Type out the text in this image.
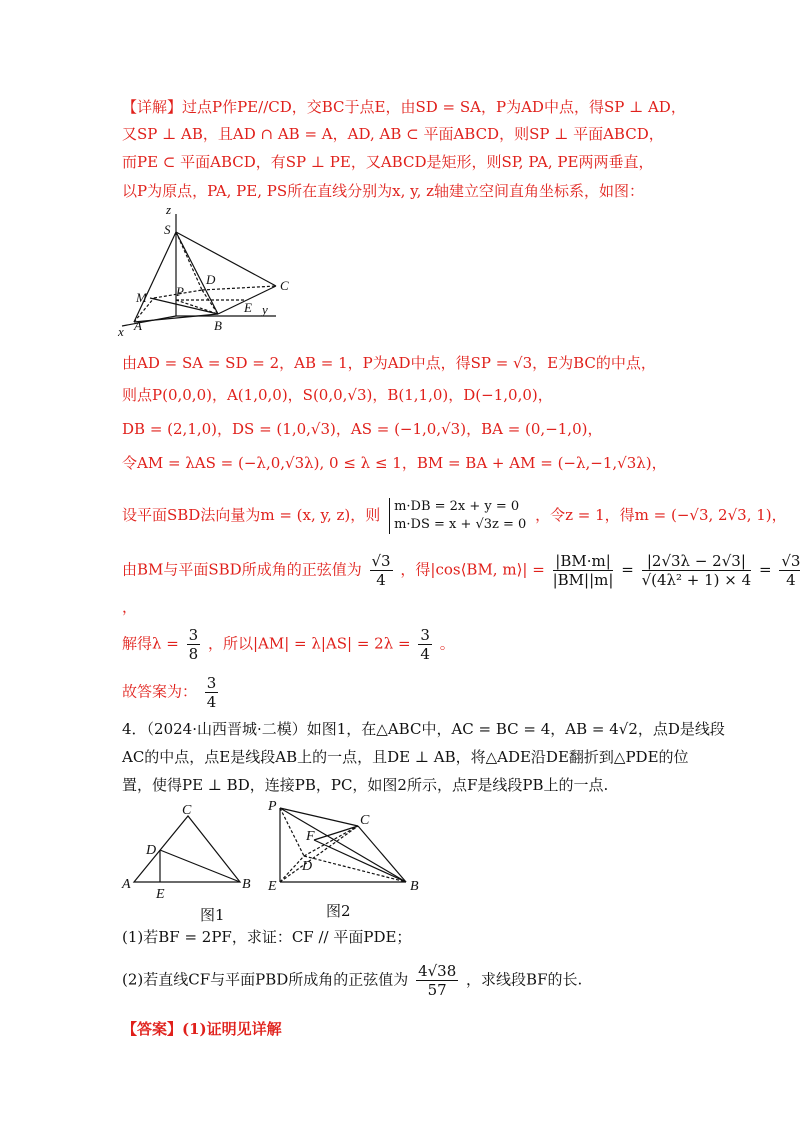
【详解】过点P作PE//CD，交BC于点E，由SD = SA，P为AD中点，得SP ⊥ AD，
又SP ⊥ AB，且AD ∩ AB = A，AD, AB ⊂ 平面ABCD，则SP ⊥ 平面ABCD，
而PE ⊂ 平面ABCD，有SP ⊥ PE，又ABCD是矩形，则SP, PA, PE两两垂直，
以P为原点，PA, PE, PS所在直线分别为x, y, z轴建立空间直角坐标系，如图：
z
S
D	C
M P
E y
A	B
x
由AD = SA = SD = 2，AB = 1，P为AD中点，得SP = √3，E为BC的中点，
则点P(0,0,0)，A(1,0,0)，S(0,0,√3)，B(1,1,0)，D(−1,0,0)，
DB = (2,1,0)，DS = (1,0,√3)，AS = (−1,0,√3)，BA = (0,−1,0)，
令AM = λAS = (−λ,0,√3λ), 0 ≤ λ ≤ 1，BM = BA + AM = (−λ,−1,√3λ)，
设平面SBD法向量为m = (x, y, z)，则 m·DB = 2x + y = 0
m·DS = x + √3z = 0
，令z = 1，得m = (−√3, 2√3, 1)，
由BM与平面SBD所成角的正弦值为 $\frac{√3}{4}$ ，得|cos⟨BM, m⟩| = $\frac{|BM\cdot m|}{|BM||m|} = \frac{|2√3\lambda - 2√3|}{\text{√(4λ² + 1) × 4}} = \frac{√3}{4}$
，
解得$\lambda = \frac{3}{8}$ ，所以$|AM| = \lambda|AS| = 2\lambda = \frac{3}{4}$ 。
故答案为： $\frac{3}{4}$
4．（2024·山西晋城·二模）如图1，在△ABC中，AC = BC = 4，AB = 4√2，点D是线段
AC的中点，点E是线段AB上的一点，且DE ⊥ AB，将△ADE沿DE翻折到△PDE的位
置，使得PE ⊥ BD，连接PB，PC，如图2所示，点F是线段PB上的一点.
C
D
A
E
B
图1
P
C
F
D
E	B
图2
(1)若BF = 2PF，求证：CF // 平面PDE；
(2)若直线CF与平面PBD所成角的正弦值为 $\frac{4√38}{57}$ ，求线段BF的长.
【答案】(1)证明见详解
